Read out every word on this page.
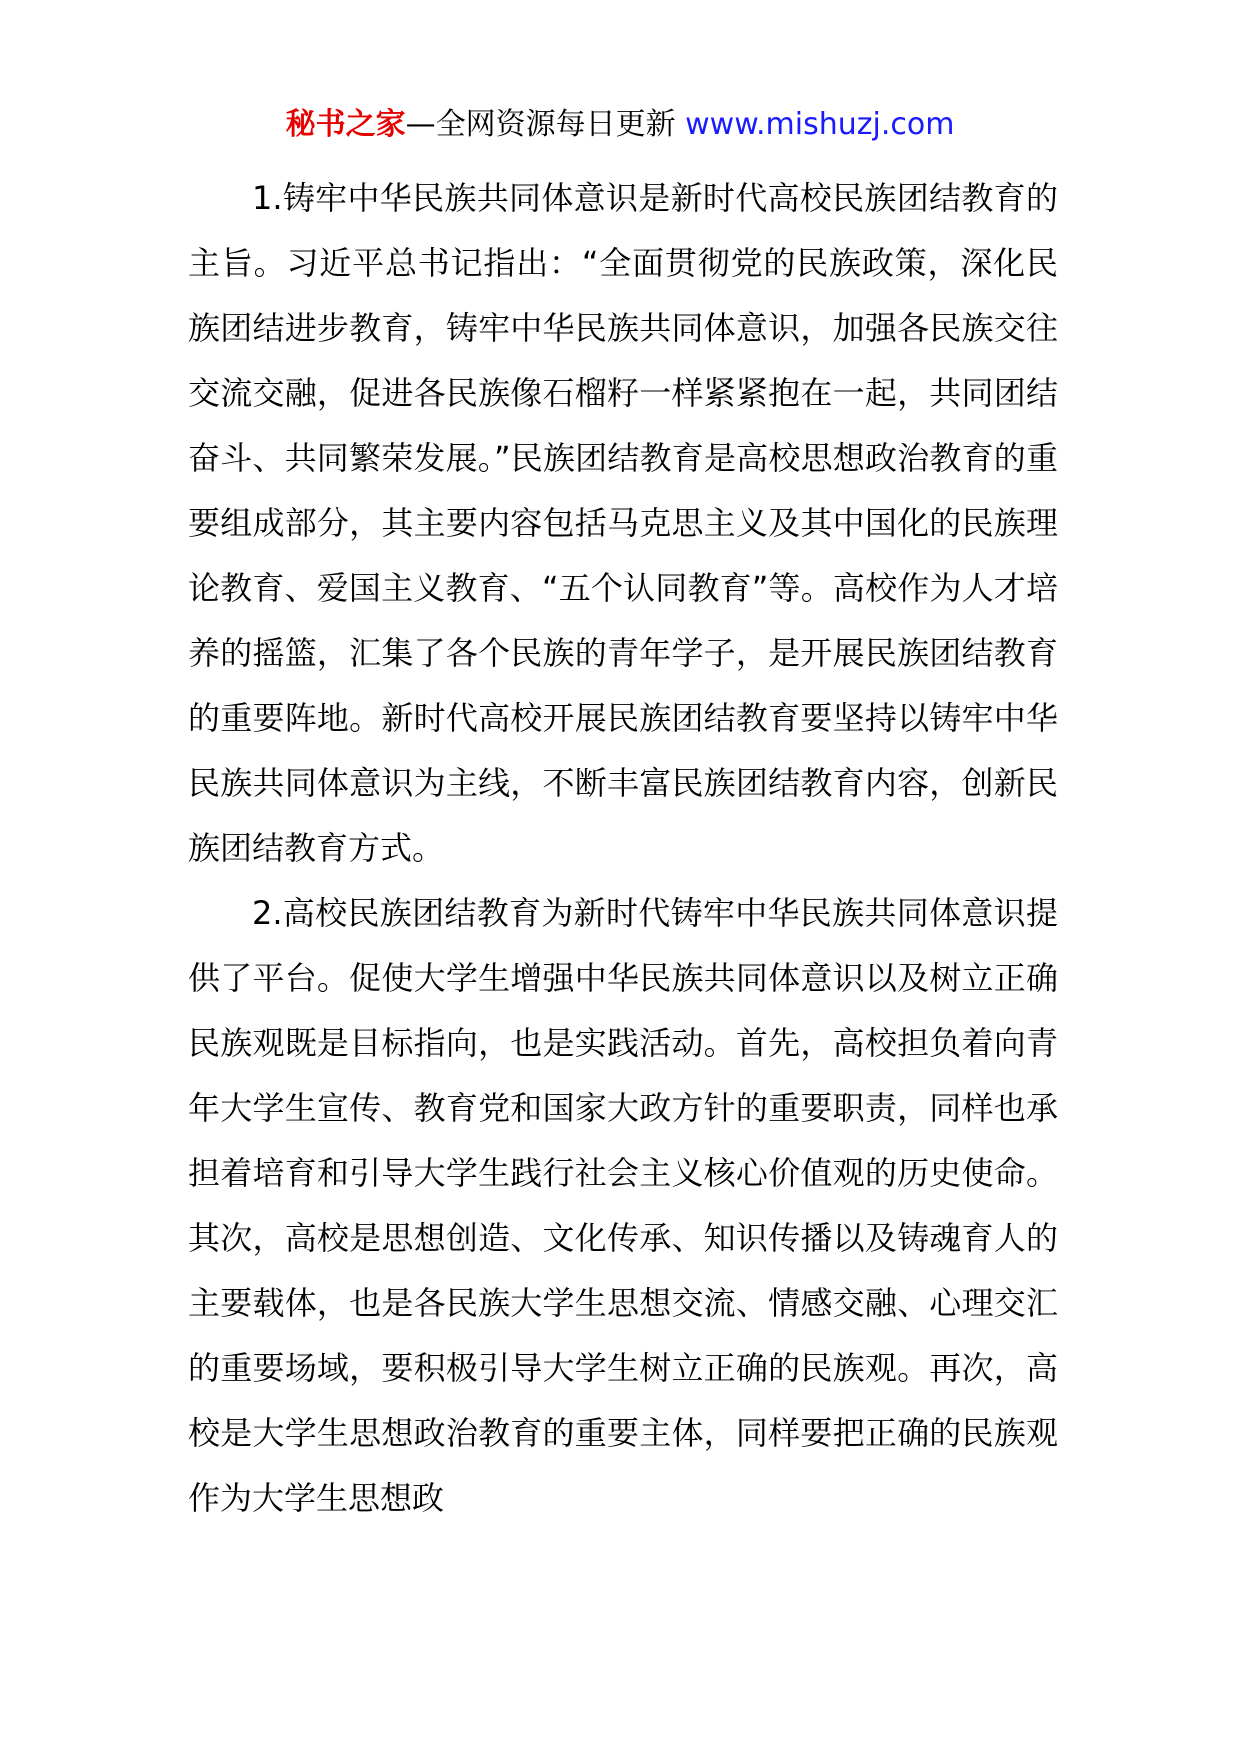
秘书之家—全网资源每日更新 www.mishuzj.com

1.铸牢中华民族共同体意识是新时代高校民族团结教育的主旨。习近平总书记指出：“全面贯彻党的民族政策，深化民族团结进步教育，铸牢中华民族共同体意识，加强各民族交往交流交融，促进各民族像石榴籽一样紧紧抱在一起，共同团结奋斗、共同繁荣发展。”民族团结教育是高校思想政治教育的重要组成部分，其主要内容包括马克思主义及其中国化的民族理论教育、爱国主义教育、“五个认同教育”等。高校作为人才培养的摇篮，汇集了各个民族的青年学子，是开展民族团结教育的重要阵地。新时代高校开展民族团结教育要坚持以铸牢中华民族共同体意识为主线，不断丰富民族团结教育内容，创新民族团结教育方式。

2.高校民族团结教育为新时代铸牢中华民族共同体意识提供了平台。促使大学生增强中华民族共同体意识以及树立正确民族观既是目标指向，也是实践活动。首先，高校担负着向青年大学生宣传、教育党和国家大政方针的重要职责，同样也承担着培育和引导大学生践行社会主义核心价值观的历史使命。其次，高校是思想创造、文化传承、知识传播以及铸魂育人的主要载体，也是各民族大学生思想交流、情感交融、心理交汇的重要场域，要积极引导大学生树立正确的民族观。再次，高校是大学生思想政治教育的重要主体，同样要把正确的民族观作为大学生思想政
